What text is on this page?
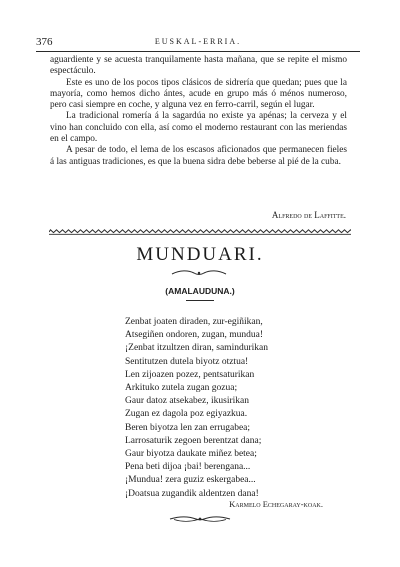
376	EUSKAL-ERRIA.

aguardiente y se acuesta tranquilamente hasta mañana, que se repite el mismo espectáculo.

Este es uno de los pocos tipos clásicos de sidrería que quedan; pues que la mayoría, como hemos dicho ántes, acude en grupo más ó ménos numeroso, pero casi siempre en coche, y alguna vez en ferro-carril, según el lugar.

La tradicional romería á la sagardúa no existe ya apénas; la cerveza y el vino han concluido con ella, así como el moderno restaurant con las meriendas en el campo.

A pesar de todo, el lema de los escasos aficionados que permanecen fieles á las antiguas tradiciones, es que la buena sidra debe beberse al pié de la cuba.

Alfredo de Laffitte.
MUNDUARI.
(AMALAUDUNA.)
Zenbat joaten diraden, zur-egiñikan,
Atsegiñen ondoren, zugan, mundua!
¡Zenbat itzultzen diran, samindurikan
Sentitutzen dutela biyotz otztua!
Len zijoazen pozez, pentsaturikan
Arkituko zutela zugan gozua;
Gaur datoz atsekabez, ikusirikan
Zugan ez dagola poz egiyazkua.
Beren biyotza len zan errugabea;
Larrosaturik zegoen berentzat dana;
Gaur biyotza daukate miñez betea;
Pena beti dijoa ¡bai! berengana...
¡Mundua! zera guziz eskergabea...
¡Doatsua zugandik aldentzen dana!
Karmelo Echegaray-koak.
